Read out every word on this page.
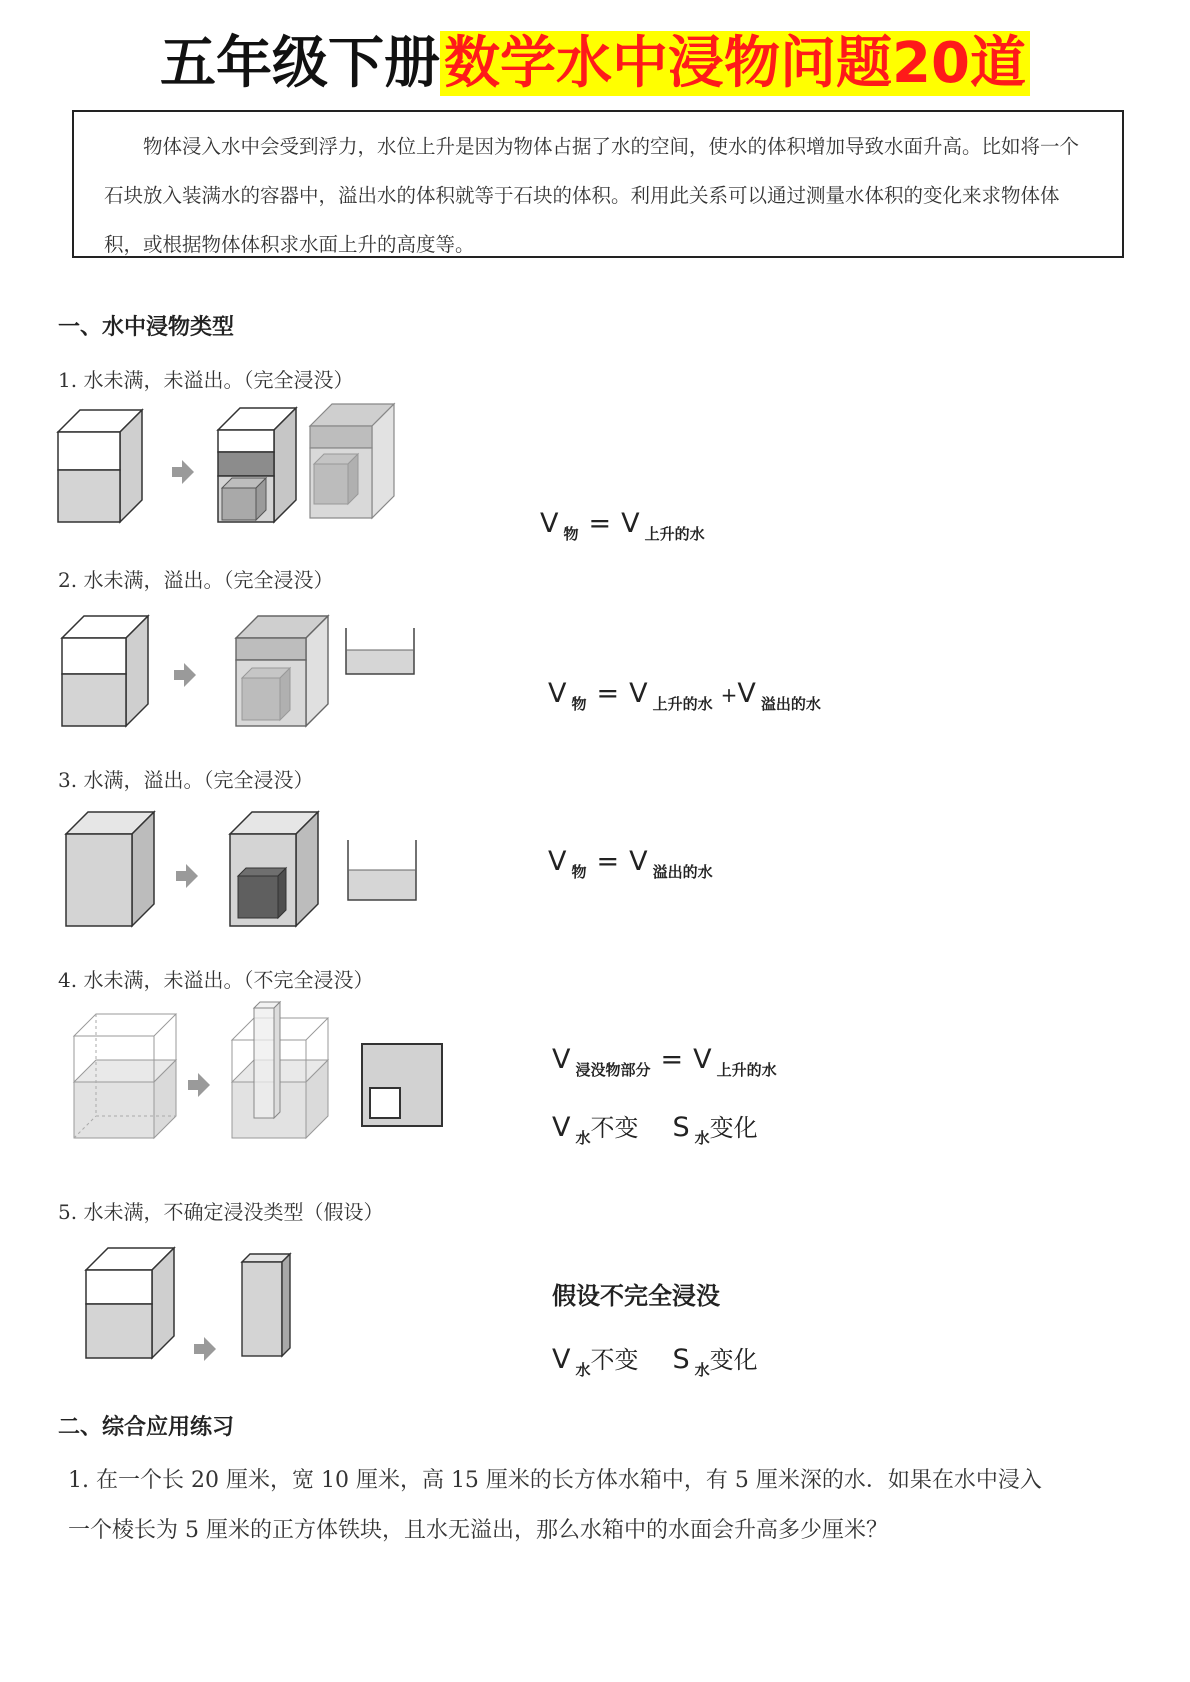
五年级下册数学水中浸物问题20道

物体浸入水中会受到浮力，水位上升是因为物体占据了水的空间，使水的体积增加导致水面升高。比如将一个石块放入装满水的容器中，溢出水的体积就等于石块的体积。利用此关系可以通过测量水体积的变化来求物体体积，或根据物体体积求水面上升的高度等。

一、水中浸物类型
1. 水未满，未溢出。（完全浸没）
V $_物$ = V $_{上升的水}$
2. 水未满，溢出。（完全浸没）
V $_物$ = V $_{上升的水}$ +V $_{溢出的水}$
3. 水满，溢出。（完全浸没）
V $_物$ = V $_{溢出的水}$
4. 水未满，未溢出。（不完全浸没）
V $_{浸没物部分}$ = V $_{上升的水}$
V $_水$不变 S $_水$变化
5. 水未满，不确定浸没类型（假设）
假设不完全浸没
V $_水$不变 S $_水$变化
二、综合应用练习

1. 在一个长 20 厘米，宽 10 厘米，高 15 厘米的长方体水箱中，有 5 厘米深的水．如果在水中浸入

一个棱长为 5 厘米的正方体铁块，且水无溢出，那么水箱中的水面会升高多少厘米？
